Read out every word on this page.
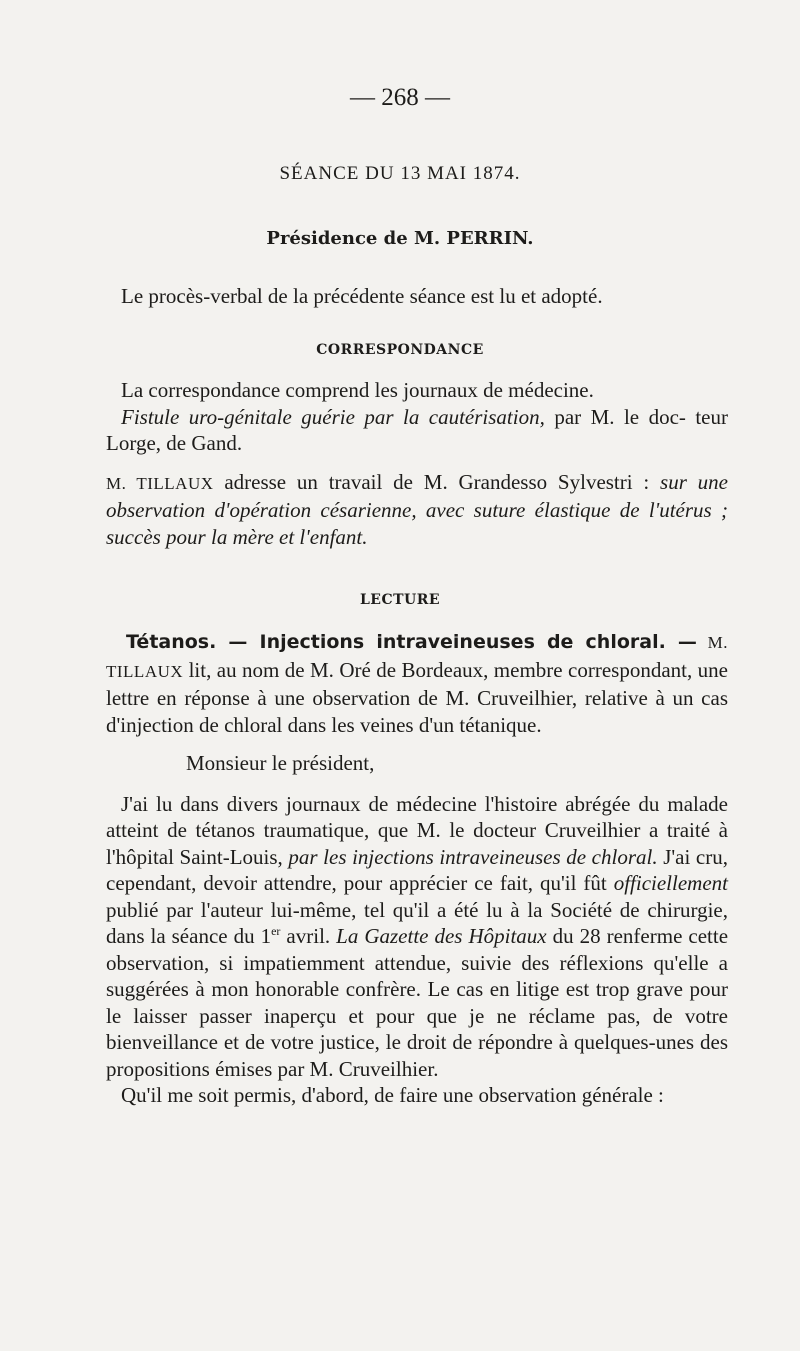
— 268 —
SÉANCE DU 13 MAI 1874.
Présidence de M. PERRIN.

Le procès-verbal de la précédente séance est lu et adopté.

CORRESPONDANCE

La correspondance comprend les journaux de médecine.

Fistule uro-génitale guérie par la cautérisation, par M. le doc- teur Lorge, de Gand.

M. TILLAUX adresse un travail de M. Grandesso Sylvestri : sur une observation d'opération césarienne, avec suture élastique de l'utérus ; succès pour la mère et l'enfant.

LECTURE

Tétanos. — Injections intraveineuses de chloral. — M. TILLAUX lit, au nom de M. Oré de Bordeaux, membre correspondant, une lettre en réponse à une observation de M. Cruveilhier, relative à un cas d'injection de chloral dans les veines d'un tétanique.

Monsieur le président,

J'ai lu dans divers journaux de médecine l'histoire abrégée du malade atteint de tétanos traumatique, que M. le docteur Cruveilhier a traité à l'hôpital Saint-Louis, par les injections intraveineuses de chloral. J'ai cru, cependant, devoir attendre, pour apprécier ce fait, qu'il fût officiellement publié par l'auteur lui-même, tel qu'il a été lu à la Société de chirurgie, dans la séance du 1er avril. La Gazette des Hôpitaux du 28 renferme cette observation, si impatiemment attendue, suivie des réflexions qu'elle a suggérées à mon honorable confrère. Le cas en litige est trop grave pour le laisser passer inaperçu et pour que je ne réclame pas, de votre bienveillance et de votre justice, le droit de répondre à quelques-unes des propositions émises par M. Cruveilhier.

Qu'il me soit permis, d'abord, de faire une observation générale :
